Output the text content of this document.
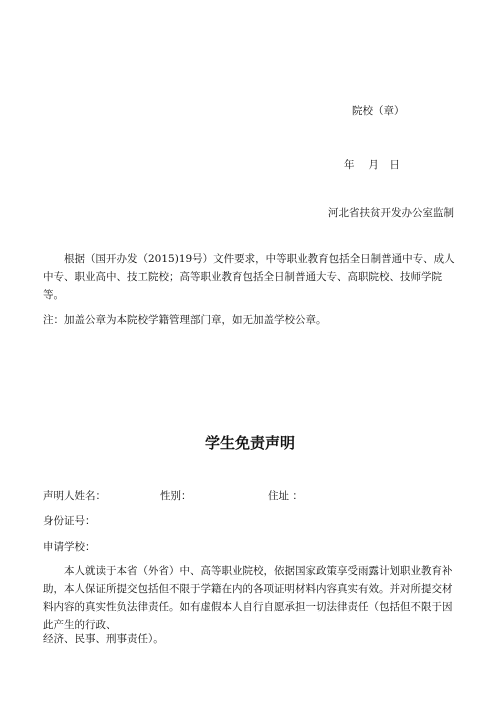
院校（章）
年　 月　日
河北省扶贫开发办公室监制
根据（国开办发（2015)19号）文件要求，中等职业教育包括全日制普通中专、成人中专、职业高中、技工院校；高等职业教育包括全日制普通大专、高职院校、技师学院等。
注：加盖公章为本院校学籍管理部门章，如无加盖学校公章。
学生免责声明
声明人姓名：	性别：	住址 ：
身份证号：
申请学校：
本人就读于本省（外省）中、高等职业院校，依据国家政策享受雨露计划职业教育补助，本人保证所提交包括但不限于学籍在内的各项证明材料内容真实有效。并对所提交材料内容的真实性负法律责任。如有虚假本人自行自愿承担一切法律责任（包括但不限于因此产生的行政、
经济、民事、刑事责任）。
